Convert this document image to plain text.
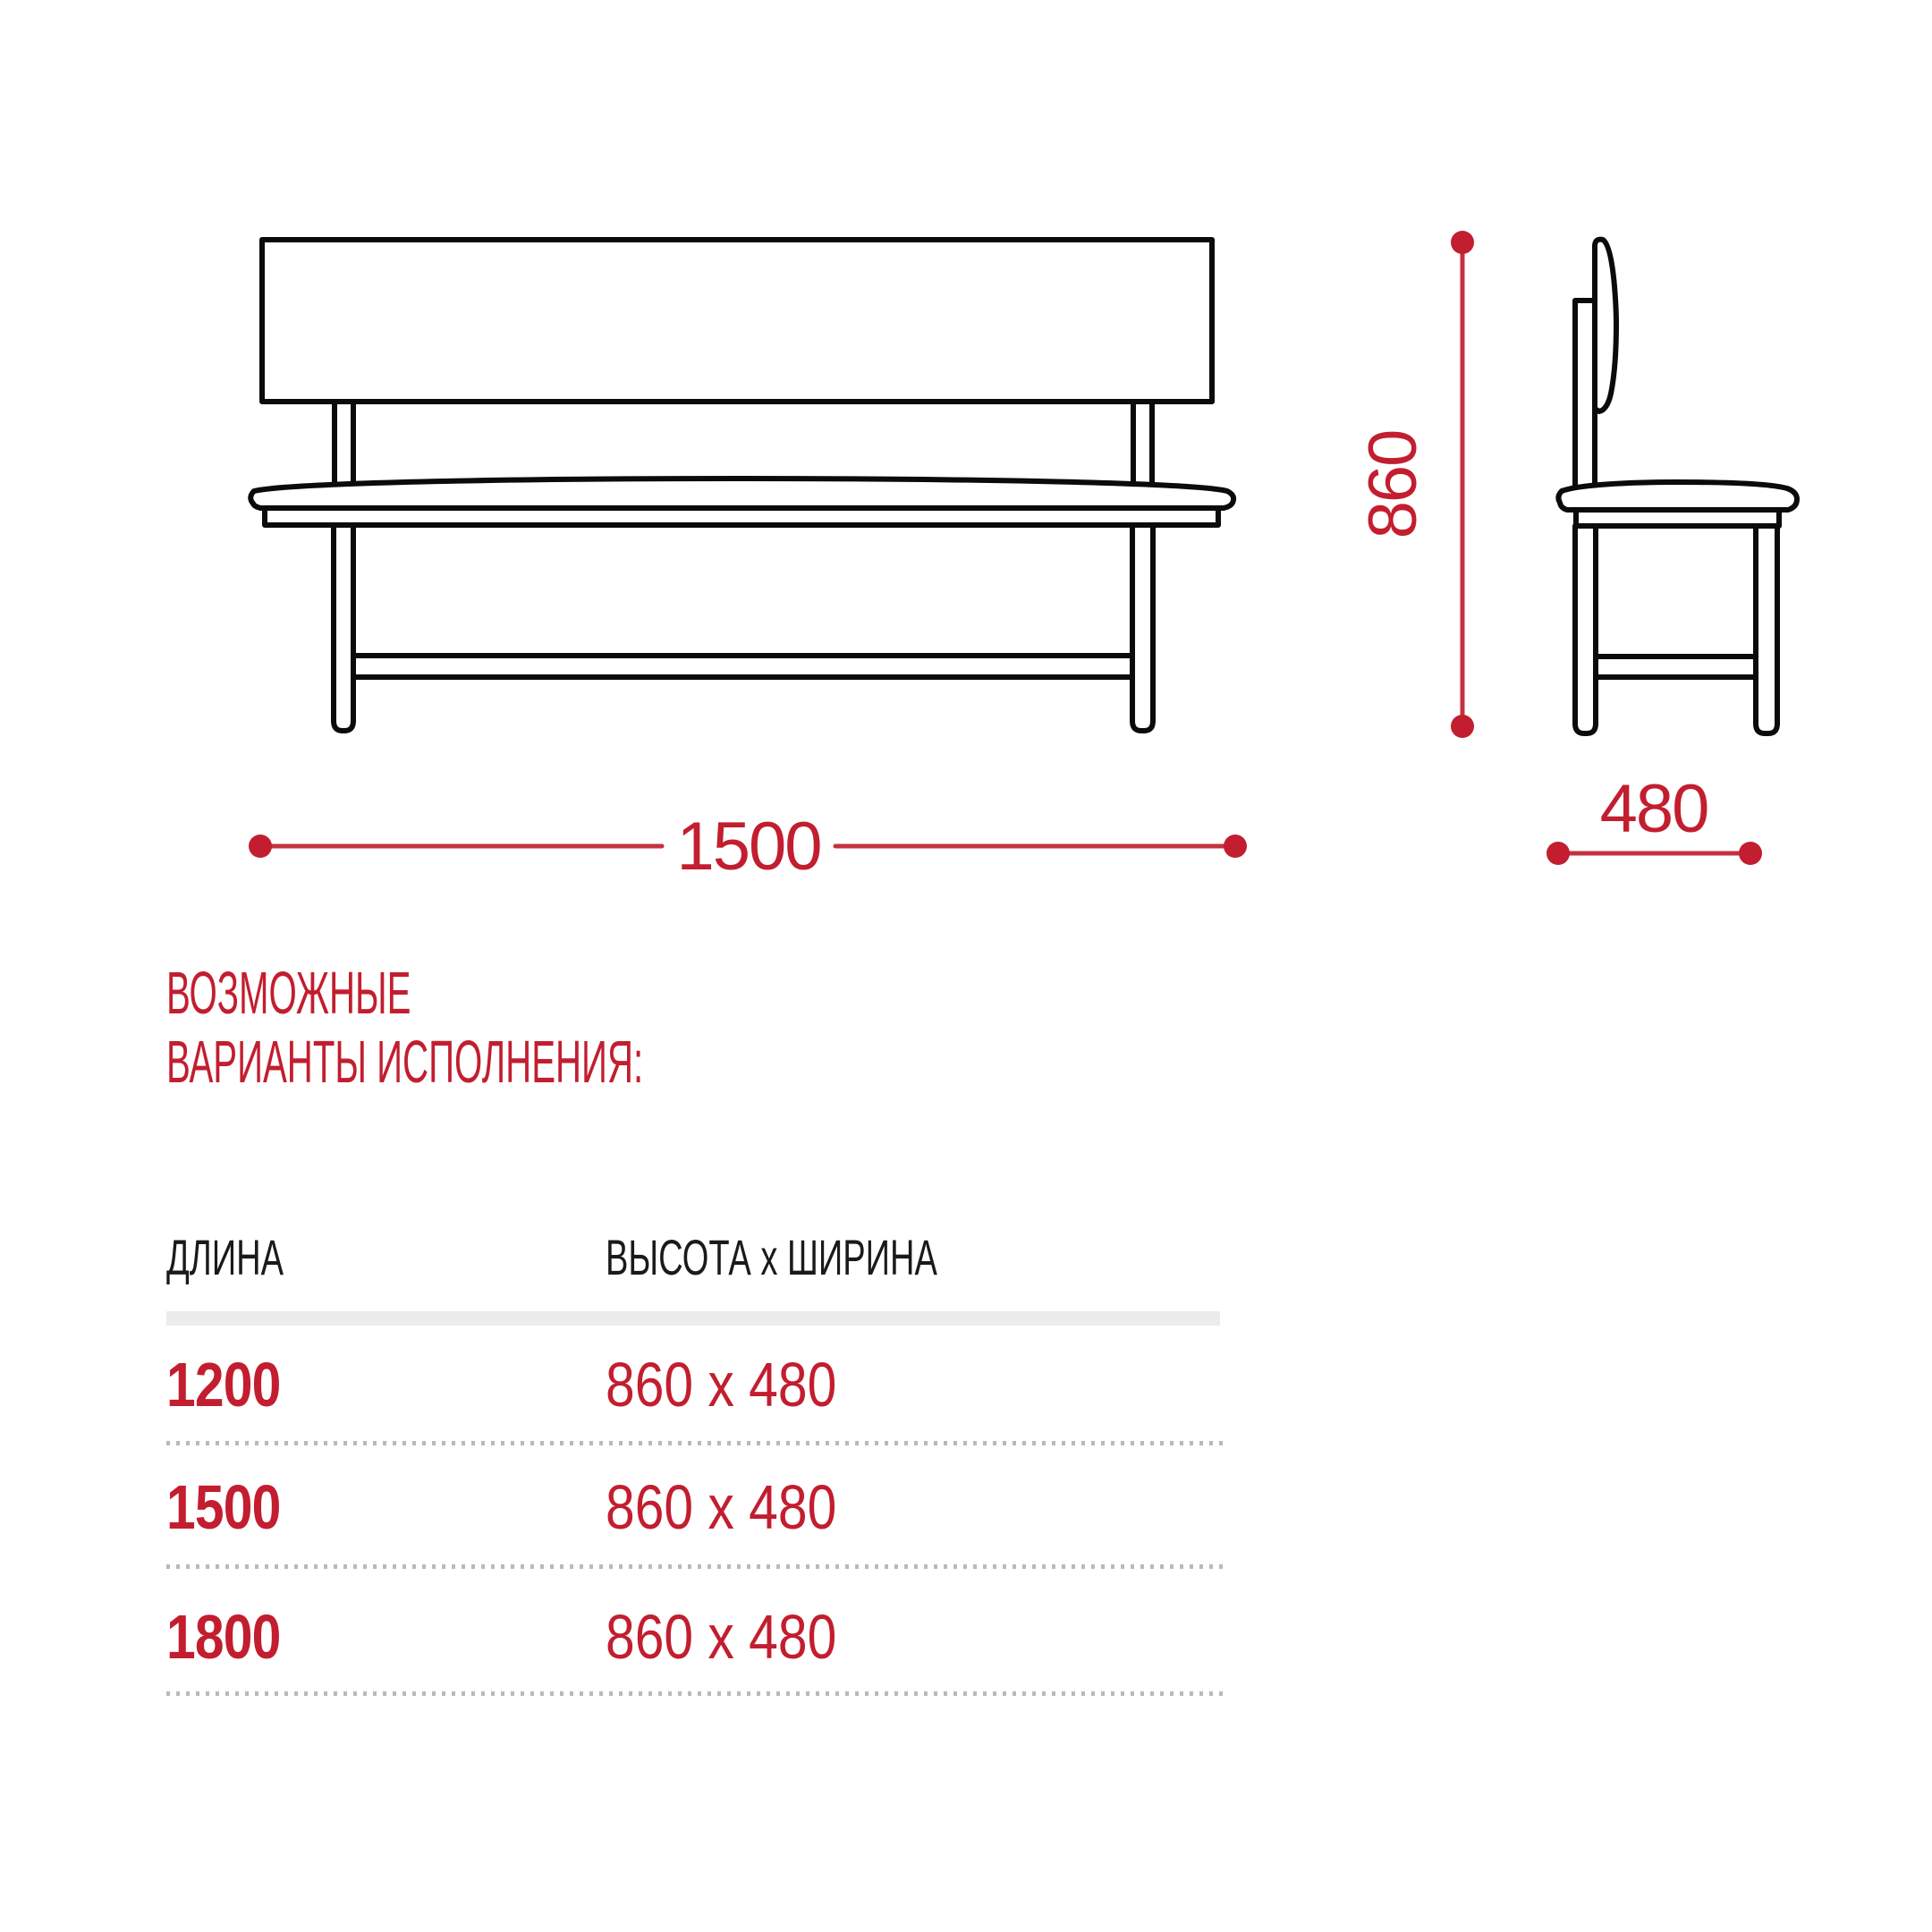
1500
860
480
ВОЗМОЖНЫЕ
ВАРИАНТЫ ИСПОЛНЕНИЯ:
ДЛИНА	ВЫСОТА x ШИРИНА
1200	860 x 480
1500	860 x 480
1800	860 x 480
